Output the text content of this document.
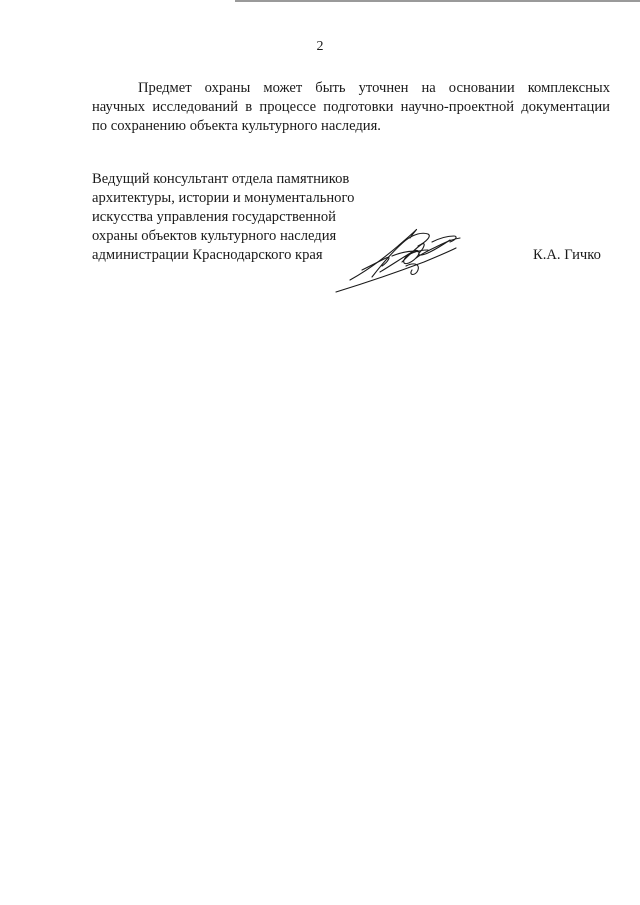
2

Предмет охраны может быть уточнен на основании комплексных
научных исследований в процессе подготовки научно-проектной документации
по сохранению объекта культурного наследия.

Ведущий консультант отдела памятников
архитектуры, истории и монументального
искусства управления государственной
охраны объектов культурного наследия
администрации Краснодарского края	К.А. Гичко
